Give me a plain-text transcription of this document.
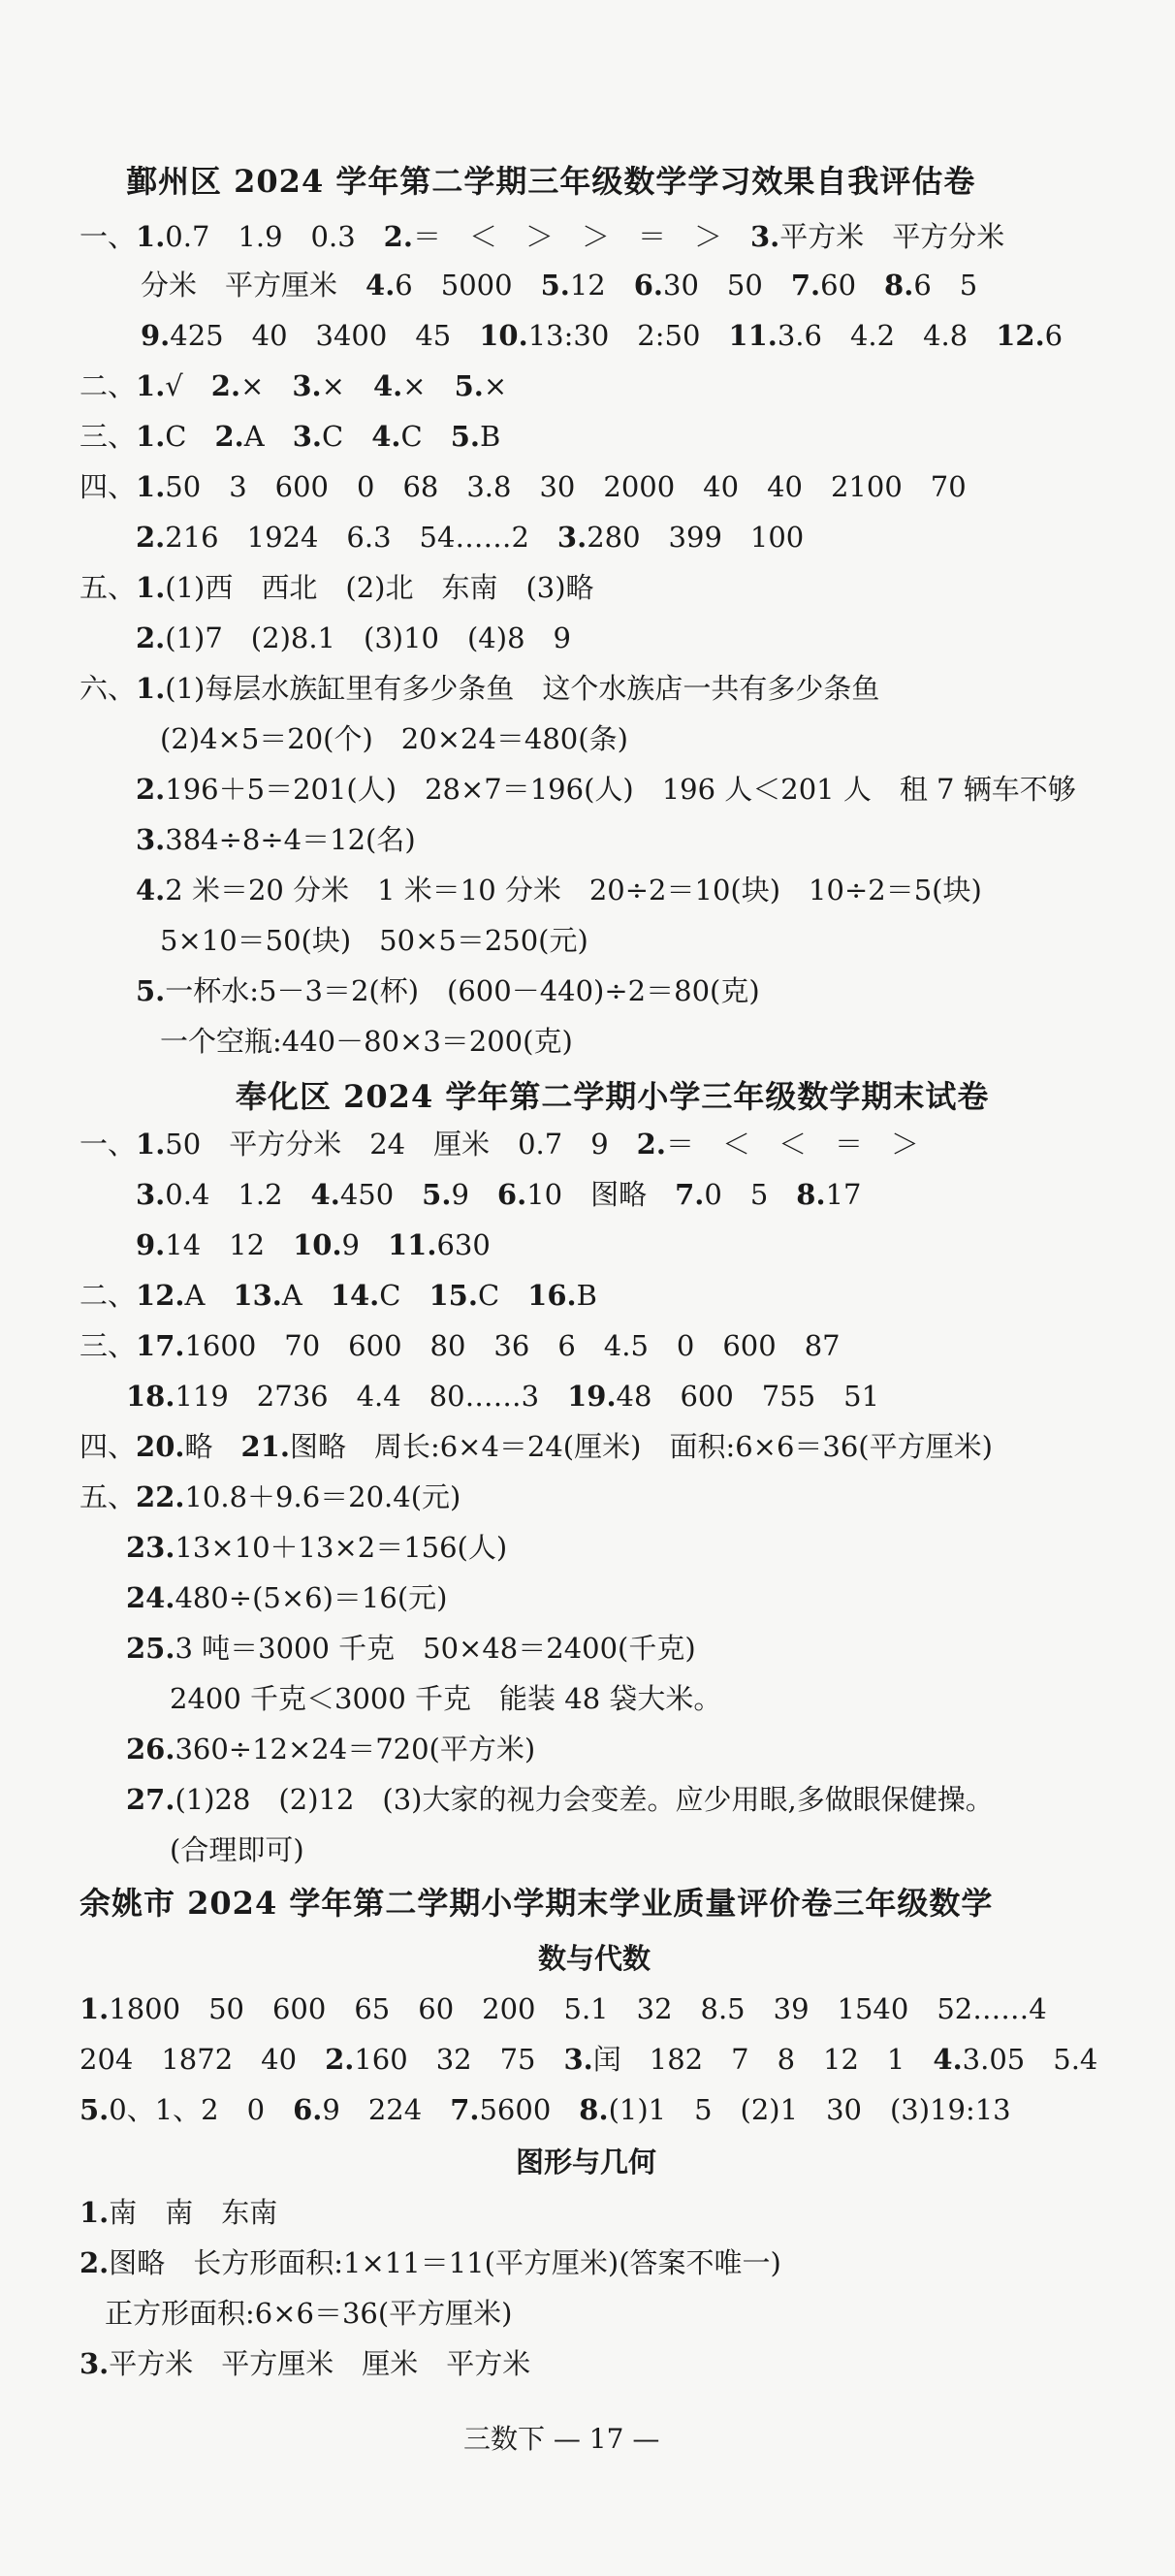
鄞州区 2024 学年第二学期三年级数学学习效果自我评估卷
一、1.0.7　1.9　0.3　2.＝　＜　＞　＞　＝　＞　3.平方米　平方分米
分米　平方厘米　4.6　5000　5.12　6.30　50　7.60　8.6　5
9.425　40　3400　45　10.13:30　2:50　11.3.6　4.2　4.8　12.6
二、1.√　2.×　3.×　4.×　5.×
三、1.C　2.A　3.C　4.C　5.B
四、1.50　3　600　0　68　3.8　30　2000　40　40　2100　70
2.216　1924　6.3　54……2　3.280　399　100
五、1.(1)西　西北　(2)北　东南　(3)略
2.(1)7　(2)8.1　(3)10　(4)8　9
六、1.(1)每层水族缸里有多少条鱼　这个水族店一共有多少条鱼
(2)4×5＝20(个)　20×24＝480(条)
2.196＋5＝201(人)　28×7＝196(人)　196 人＜201 人　租 7 辆车不够
3.384÷8÷4＝12(名)
4.2 米＝20 分米　1 米＝10 分米　20÷2＝10(块)　10÷2＝5(块)
5×10＝50(块)　50×5＝250(元)
5.一杯水:5－3＝2(杯)　(600－440)÷2＝80(克)
一个空瓶:440－80×3＝200(克)
奉化区 2024 学年第二学期小学三年级数学期末试卷
一、1.50　平方分米　24　厘米　0.7　9　2.＝　＜　＜　＝　＞
3.0.4　1.2　4.450　5.9　6.10　图略　7.0　5　8.17
9.14　12　10.9　11.630
二、12.A　13.A　14.C　15.C　16.B
三、17.1600　70　600　80　36　6　4.5　0　600　87
18.119　2736　4.4　80……3　19.48　600　755　51
四、20.略　21.图略　周长:6×4＝24(厘米)　面积:6×6＝36(平方厘米)
五、22.10.8＋9.6＝20.4(元)
23.13×10＋13×2＝156(人)
24.480÷(5×6)＝16(元)
25.3 吨＝3000 千克　50×48＝2400(千克)
2400 千克＜3000 千克　能装 48 袋大米。
26.360÷12×24＝720(平方米)
27.(1)28　(2)12　(3)大家的视力会变差。应少用眼,多做眼保健操。
(合理即可)
余姚市 2024 学年第二学期小学期末学业质量评价卷三年级数学
数与代数
1.1800　50　600　65　60　200　5.1　32　8.5　39　1540　52……4
204　1872　40　2.160　32　75　3.闰　182　7　8　12　1　4.3.05　5.4
5.0、1、2　0　6.9　224　7.5600　8.(1)1　5　(2)1　30　(3)19:13
图形与几何
1.南　南　东南
2.图略　长方形面积:1×11＝11(平方厘米)(答案不唯一)
正方形面积:6×6＝36(平方厘米)
3.平方米　平方厘米　厘米　平方米
三数下 — 17 —
